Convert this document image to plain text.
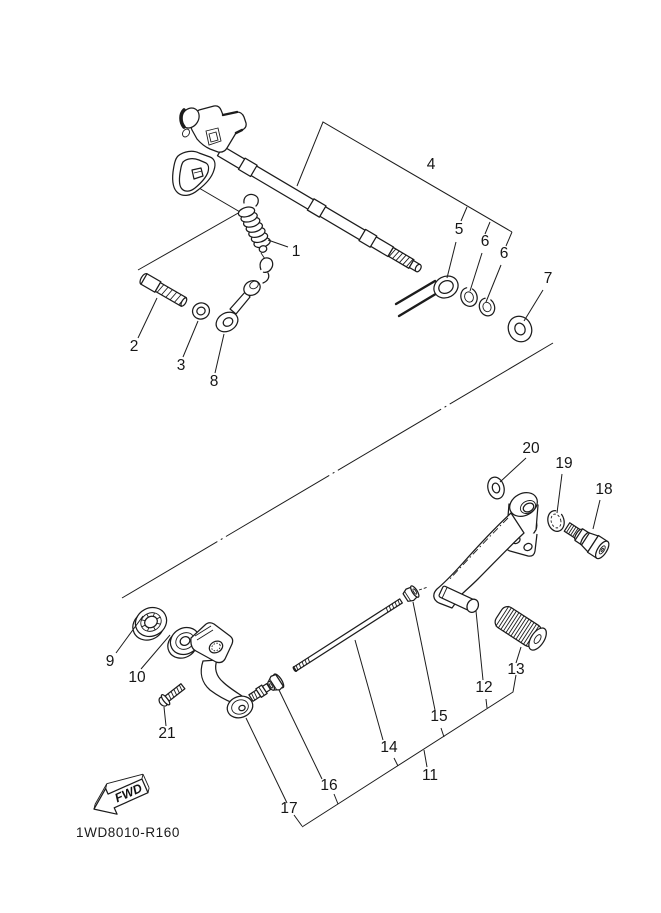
1
2
3
8
4
5
6
6
7
20
19
18
9
10
21
17
16
14
11
15
12
13
FWD
1WD8010-R160
